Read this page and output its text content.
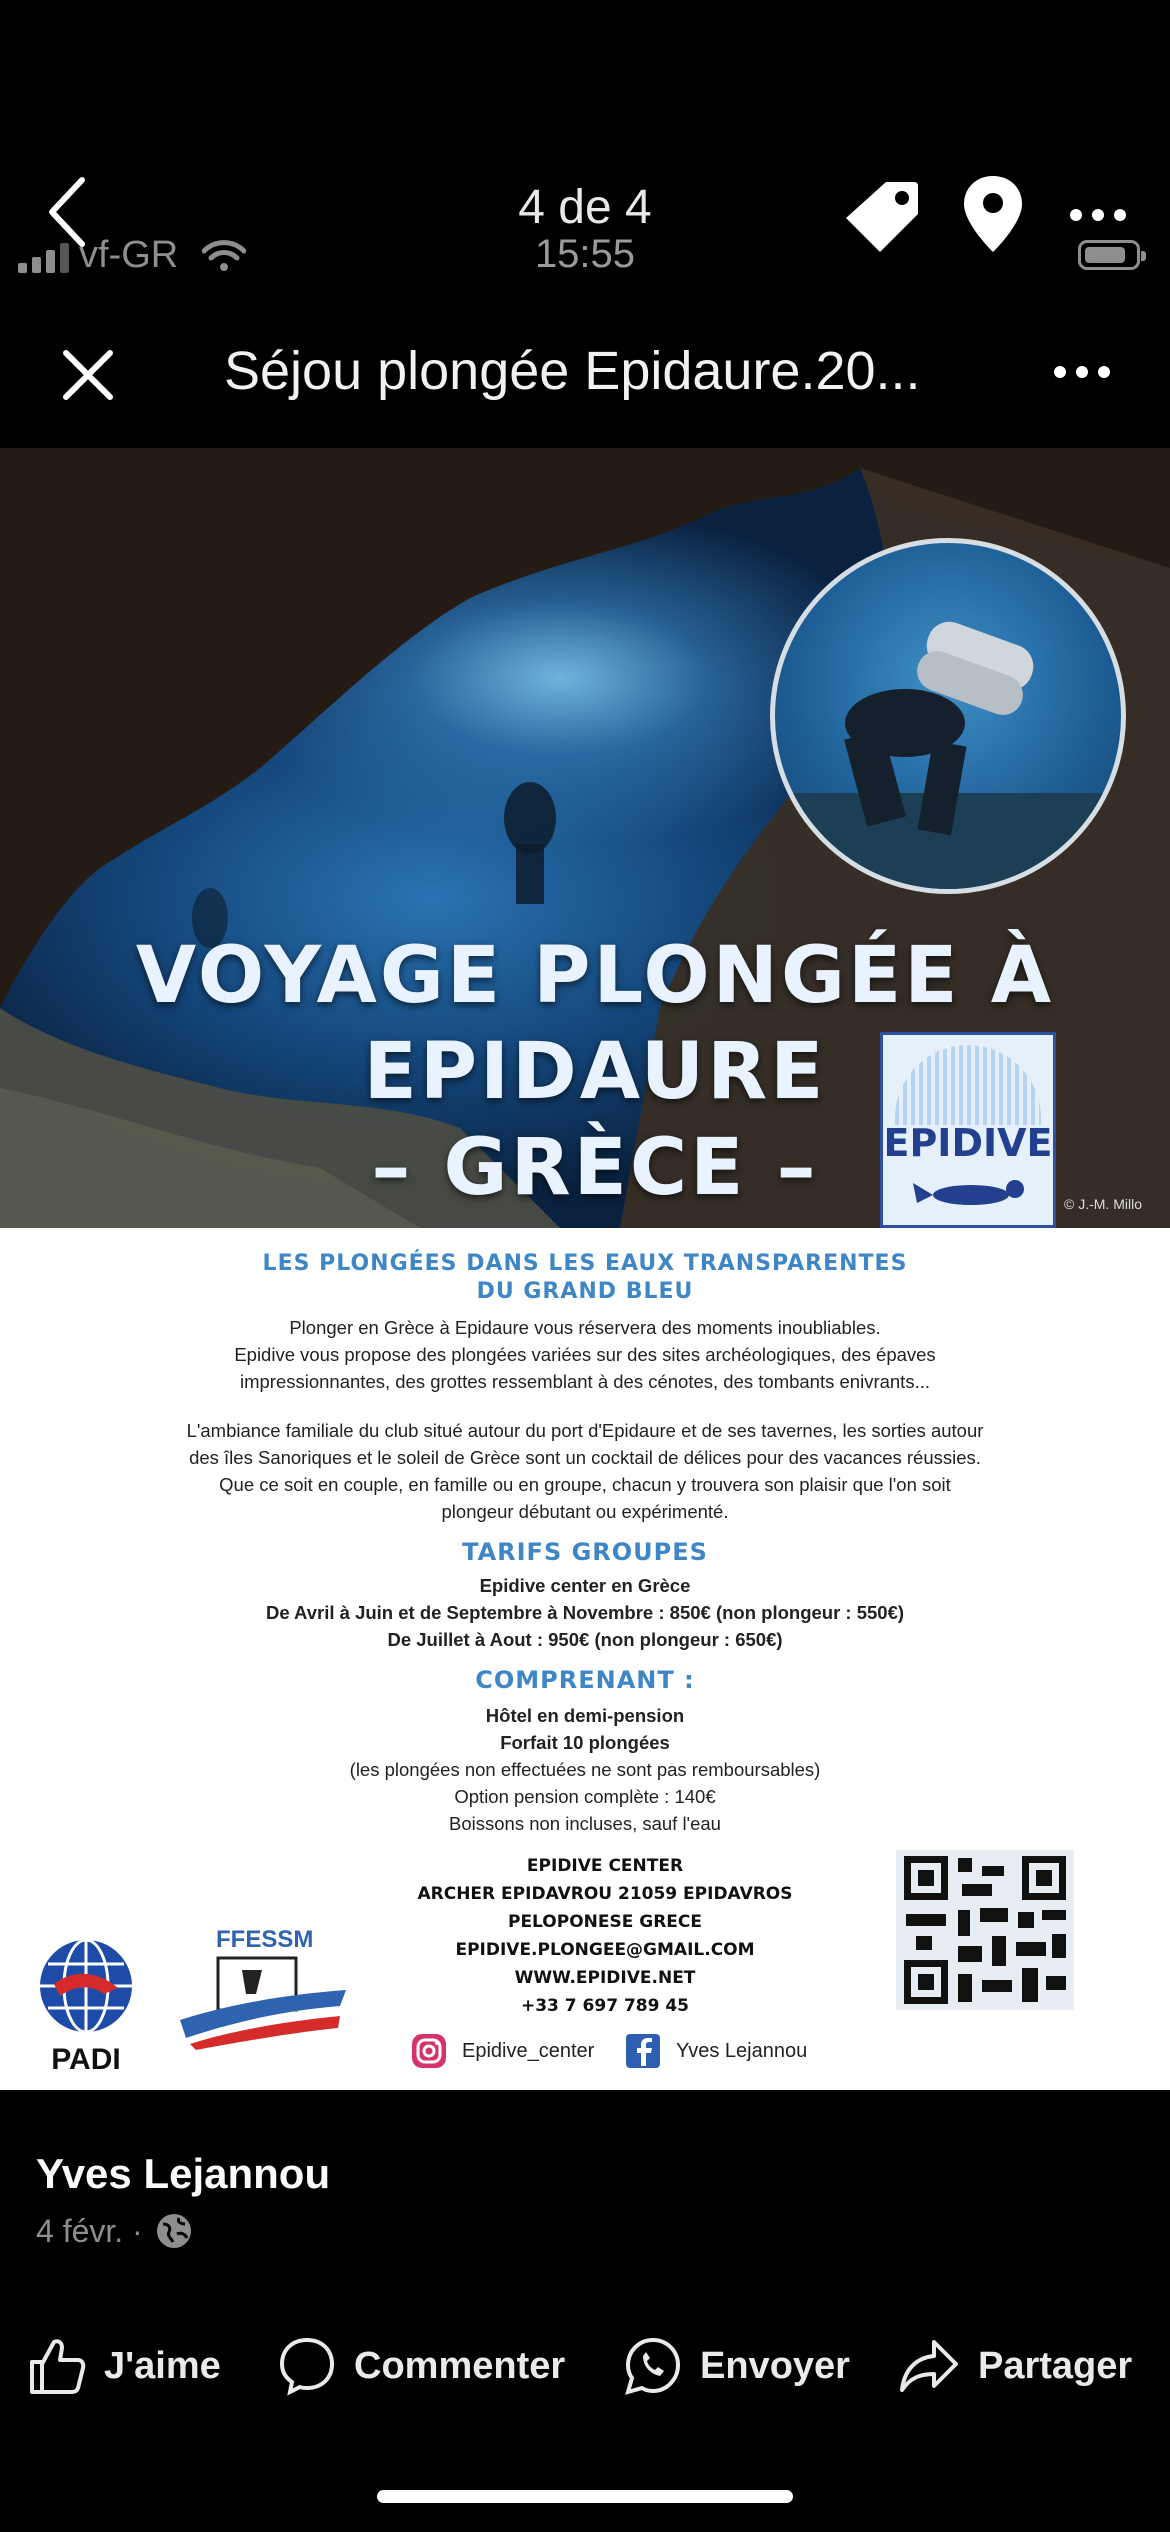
vf-GR	15:55
4 de 4
Séjou plongée Epidaure.20...
VOYAGE PLONGÉE À
EPIDAURE
– GRÈCE –	EPIDIVE
© J.-M. Millo
LES PLONGÉES DANS LES EAUX TRANSPARENTES
DU GRAND BLEU
Plonger en Grèce à Epidaure vous réservera des moments inoubliables.
Epidive vous propose des plongées variées sur des sites archéologiques, des épaves
impressionnantes, des grottes ressemblant à des cénotes, des tombants enivrants...
L'ambiance familiale du club situé autour du port d'Epidaure et de ses tavernes, les sorties autour
des îles Sanoriques et le soleil de Grèce sont un cocktail de délices pour des vacances réussies.
Que ce soit en couple, en famille ou en groupe, chacun y trouvera son plaisir que l'on soit
plongeur débutant ou expérimenté.
TARIFS GROUPES
Epidive center en Grèce
De Avril à Juin et de Septembre à Novembre : 850€ (non plongeur : 550€)
De Juillet à Aout : 950€ (non plongeur : 650€)
COMPRENANT :
Hôtel en demi-pension
Forfait 10 plongées
(les plongées non effectuées ne sont pas remboursables)
Option pension complète : 140€
Boissons non incluses, sauf l'eau
EPIDIVE CENTER
ARCHER EPIDAVROU 21059 EPIDAVROS
PELOPONESE GRECE
EPIDIVE.PLONGEE@GMAIL.COM
WWW.EPIDIVE.NET
+33 7 697 789 45
PADI
FFESSM
Epidive_center	Yves Lejannou
Yves Lejannou
4 févr. ·
J'aime	Commenter	Envoyer	Partager
